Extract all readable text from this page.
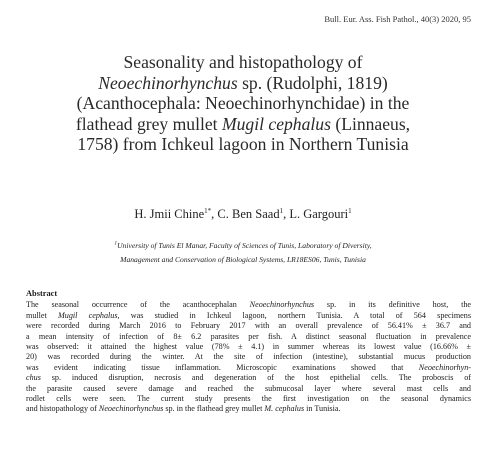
Bull. Eur. Ass. Fish Pathol., 40(3) 2020, 95
Seasonality and histopathology of
Neoechinorhynchus sp. (Rudolphi, 1819)
(Acanthocephala: Neoechinorhynchidae) in the
flathead grey mullet Mugil cephalus (Linnaeus,
1758) from Ichkeul lagoon in Northern Tunisia
H. Jmii Chine$^{1*}$, C. Ben Saad$^1$, L. Gargouri$^1$
$^1$University of Tunis El Manar, Faculty of Sciences of Tunis, Laboratory of Diversity,
Management and Conservation of Biological Systems, LR18ES06, Tunis, Tunisia
Abstract
The seasonal occurrence of the acanthocephalan Neoechinorhynchus sp. in its definitive host, the
mullet Mugil cephalus, was studied in Ichkeul lagoon, northern Tunisia. A total of 564 specimens
were recorded during March 2016 to February 2017 with an overall prevalence of 56.41% ± 36.7 and
a mean intensity of infection of 8± 6.2 parasites per fish. A distinct seasonal fluctuation in prevalence
was observed: it attained the highest value (78% ± 4.1) in summer whereas its lowest value (16.66% ±
20) was recorded during the winter. At the site of infection (intestine), substantial mucus production
was evident indicating tissue inflammation. Microscopic examinations showed that Neoechinorhyn-
chus sp. induced disruption, necrosis and degeneration of the host epithelial cells. The proboscis of
the parasite caused severe damage and reached the submucosal layer where several mast cells and
rodlet cells were seen. The current study presents the first investigation on the seasonal dynamics
and histopathology of Neoechinorhynchus sp. in the flathead grey mullet M. cephalus in Tunisia.
